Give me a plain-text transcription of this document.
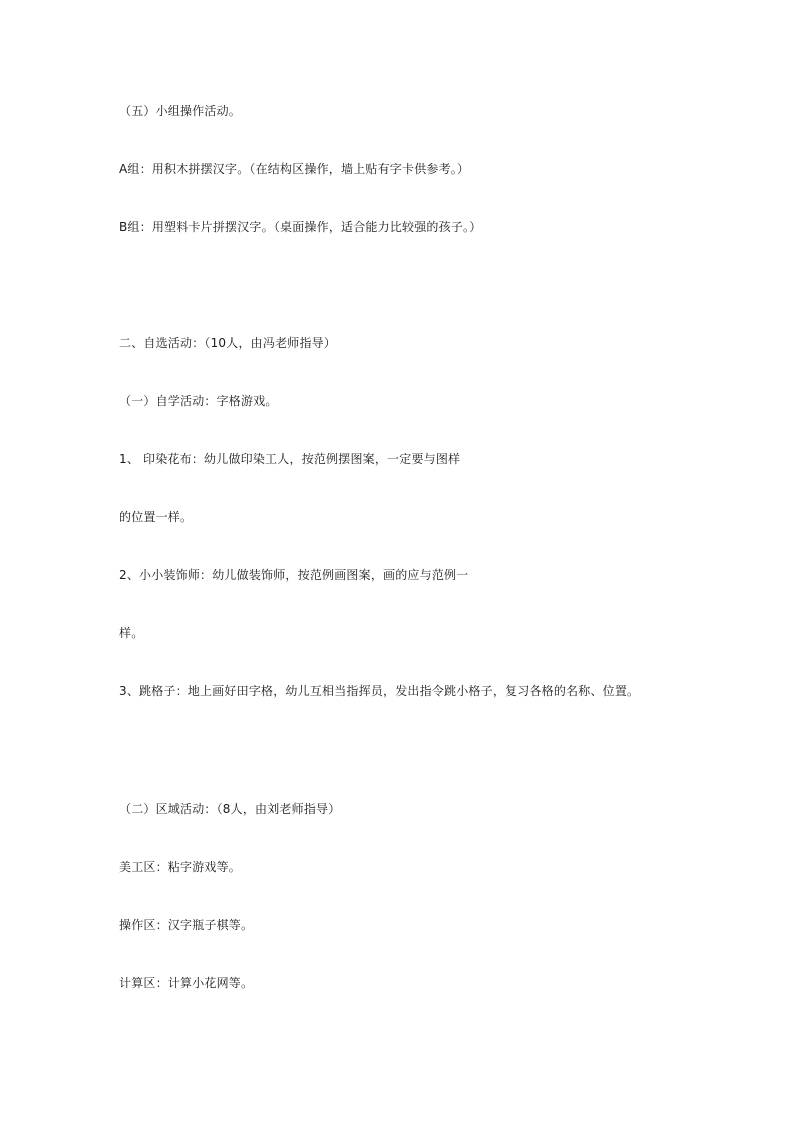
（五）小组操作活动。
A组：用积木拼摆汉字。（在结构区操作，墙上贴有字卡供参考。）
B组：用塑料卡片拼摆汉字。（桌面操作，适合能力比较强的孩子。）
二、自选活动：（10人，由冯老师指导）
（一）自学活动：字格游戏。
1、 印染花布：幼儿做印染工人，按范例摆图案，一定要与图样
的位置一样。
2、小小装饰师：幼儿做装饰师，按范例画图案，画的应与范例一
样。
3、跳格子：地上画好田字格，幼儿互相当指挥员，发出指令跳小格子，复习各格的名称、位置。
（二）区域活动：（8人，由刘老师指导）
美工区：粘字游戏等。
操作区：汉字瓶子棋等。
计算区：计算小花网等。
